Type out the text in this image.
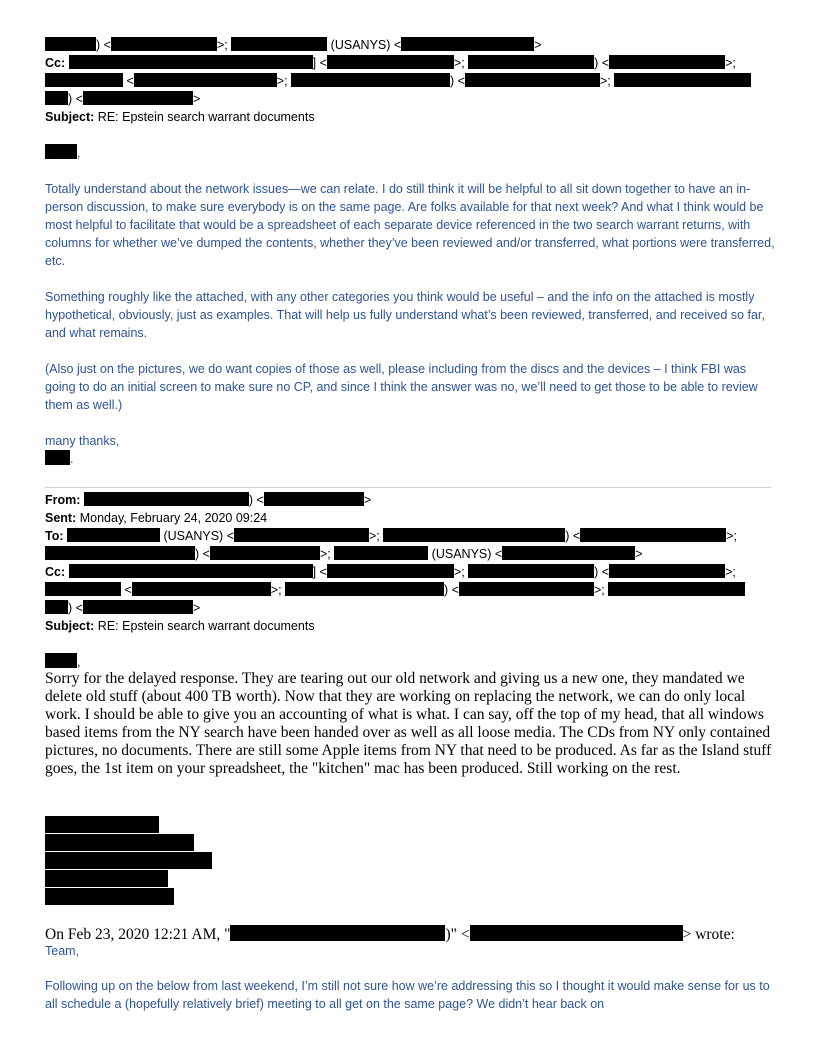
) <	>;	(USANYS) <	>
Cc:	] <	>;	) <	>;
<	>;	) <	>;
) <	>
Subject: RE: Epstein search warrant documents
,

Totally understand about the network issues—we can relate. I do still think it will be helpful to all sit down together to have an in-person discussion, to make sure everybody is on the same page. Are folks available for that next week? And what I think would be most helpful to facilitate that would be a spreadsheet of each separate device referenced in the two search warrant returns, with columns for whether we’ve dumped the contents, whether they’ve been reviewed and/or transferred, what portions were transferred, etc.

Something roughly like the attached, with any other categories you think would be useful – and the info on the attached is mostly hypothetical, obviously, just as examples. That will help us fully understand what’s been reviewed, transferred, and received so far, and what remains.

(Also just on the pictures, we do want copies of those as well, please including from the discs and the devices – I think FBI was going to do an initial screen to make sure no CP, and since I think the answer was no, we’ll need to get those to be able to review them as well.)

many thanks,

.
From:	) <	>
Sent: Monday, February 24, 2020 09:24
To:	(USANYS) <	>;	) <	>;
) <	>;	(USANYS) <	>
Cc:	] <	>;	) <	>;
<	>;	) <	>;
) <	>
Subject: RE: Epstein search warrant documents
,

Sorry for the delayed response. They are tearing out our old network and giving us a new one, they mandated we delete old stuff (about 400 TB worth). Now that they are working on replacing the network, we can do only local work. I should be able to give you an accounting of what is what. I can say, off the top of my head, that all windows based items from the NY search have been handed over as well as all loose media. The CDs from NY only contained pictures, no documents. There are still some Apple items from NY that need to be produced. As far as the Island stuff goes, the 1st item on your spreadsheet, the "kitchen" mac has been produced. Still working on the rest.

On Feb 23, 2020 12:21 AM, "	)" <	> wrote:

Team,

Following up on the below from last weekend, I’m still not sure how we’re addressing this so I thought it would make sense for us to all schedule a (hopefully relatively brief) meeting to all get on the same page? We didn’t hear back on
